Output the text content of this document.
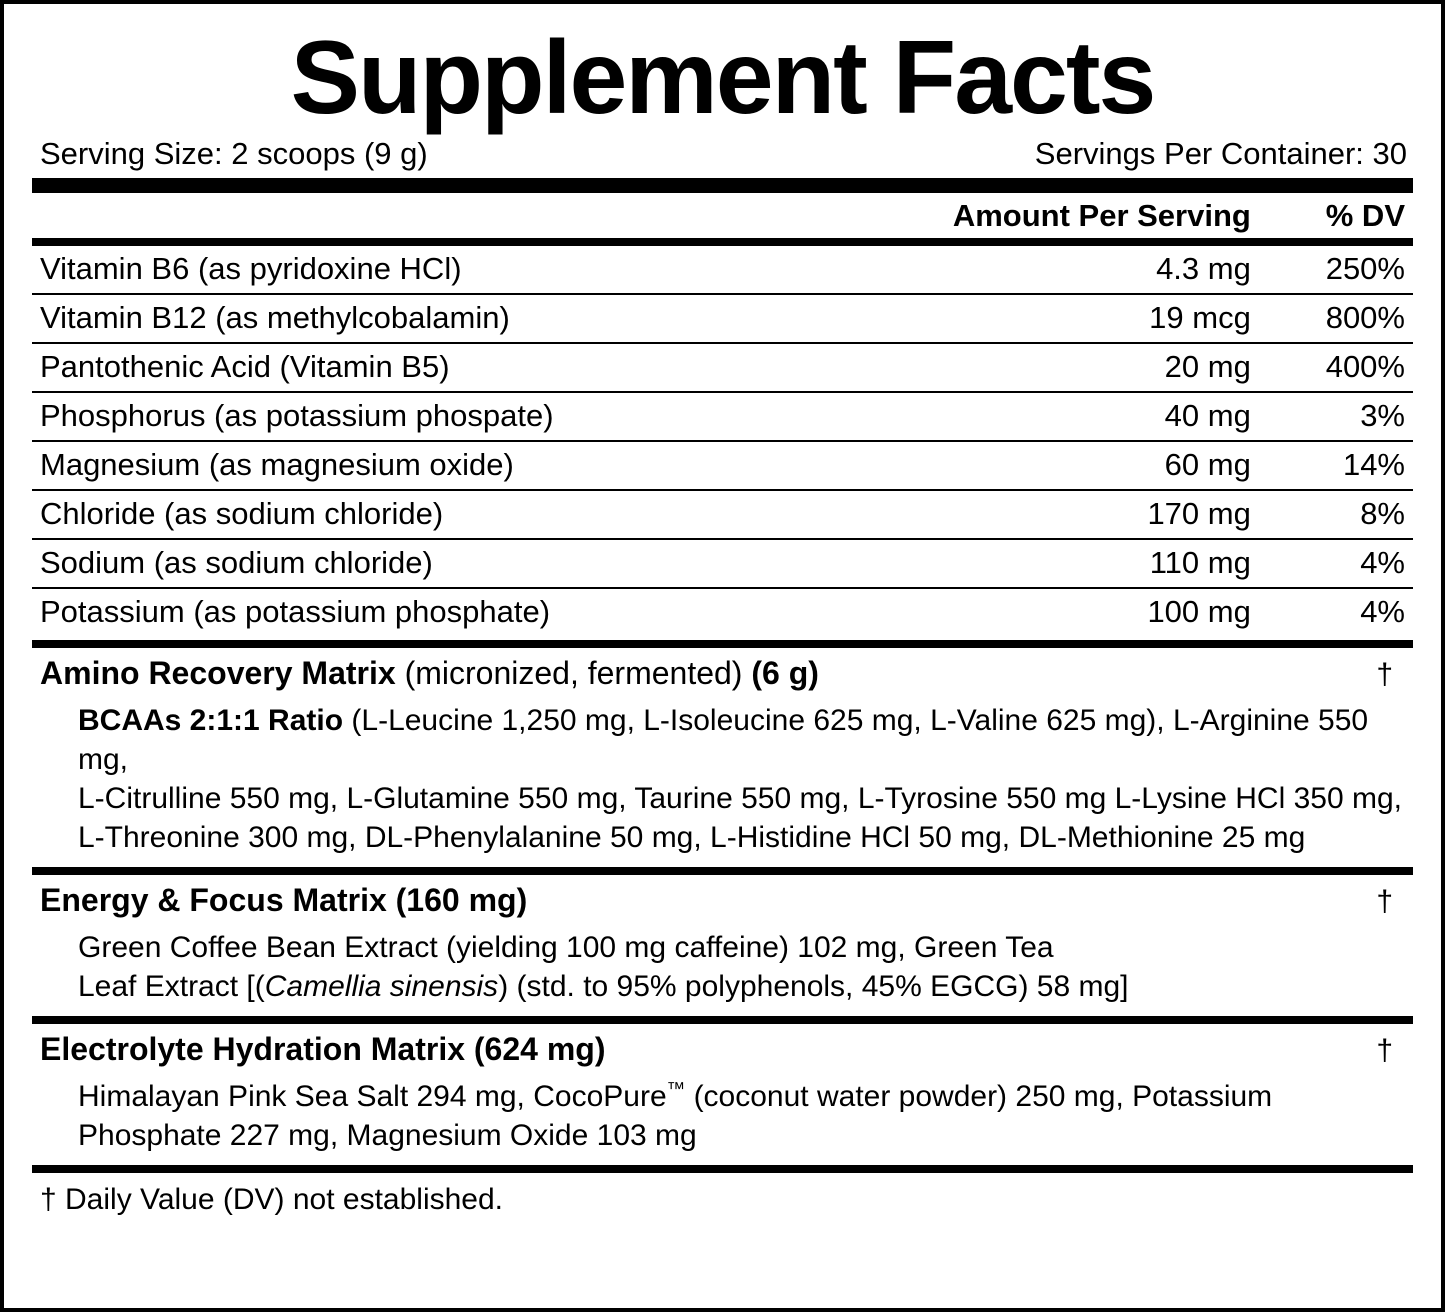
Supplement Facts
Serving Size: 2 scoops (9 g)	Servings Per Container: 30
	Amount Per Serving	% DV

Vitamin B6 (as pyridoxine HCl)	4.3 mg	250%
Vitamin B12 (as methylcobalamin)	19 mcg	800%
Pantothenic Acid (Vitamin B5)	20 mg	400%
Phosphorus (as potassium phospate)	40 mg	3%
Magnesium (as magnesium oxide)	60 mg	14%
Chloride (as sodium chloride)	170 mg	8%
Sodium (as sodium chloride)	110 mg	4%
Potassium (as potassium phosphate)	100 mg	4%
Amino Recovery Matrix (micronized, fermented) (6 g)	†
BCAAs 2:1:1 Ratio (L-Leucine 1,250 mg, L-Isoleucine 625 mg, L-Valine 625 mg), L-Arginine 550 mg,
L-Citrulline 550 mg, L-Glutamine 550 mg, Taurine 550 mg, L-Tyrosine 550 mg L-Lysine HCl 350 mg,
L-Threonine 300 mg, DL-Phenylalanine 50 mg, L-Histidine HCl 50 mg, DL-Methionine 25 mg
Energy & Focus Matrix (160 mg)	†
Green Coffee Bean Extract (yielding 100 mg caffeine) 102 mg, Green Tea
Leaf Extract [(Camellia sinensis) (std. to 95% polyphenols, 45% EGCG) 58 mg]
Electrolyte Hydration Matrix (624 mg)	†
Himalayan Pink Sea Salt 294 mg, CocoPure™ (coconut water powder) 250 mg, Potassium
Phosphate 227 mg, Magnesium Oxide 103 mg
† Daily Value (DV) not established.
